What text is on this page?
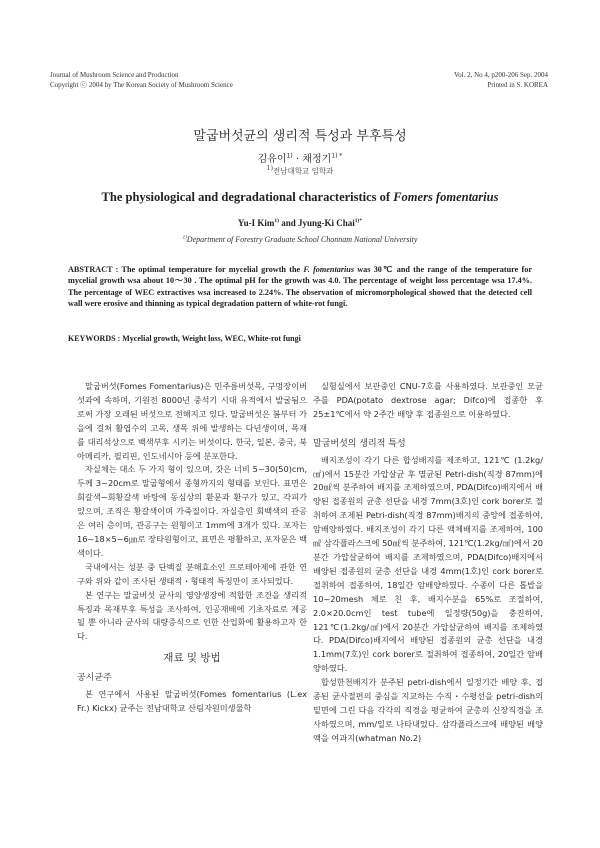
Journal of Mushroom Science and Production
Copyright ⓒ 2004 by The Korean Society of Mushroom Science
Vol. 2, No 4, p200-206 Sep. 2004
Printed in S. KOREA
말굽버섯균의 생리적 특성과 부후특성
김유이$^{1)}$ · 채정기$^{1) *}$
$^{1)}$전남대학교 임학과
The physiological and degradational characteristics of Fomers fomentarius
Yu-I Kim$^{1)}$ and Jyung-Ki Chai$^{1)*}$
$^{1)}$Department of Forestry Graduate School Chonnam National University
ABSTRACT : The optimal temperature for mycelial growth the F. fomentarius was 30℃ and the range of the temperature for mycelial growth wsa about 10～30 . The optimal pH for the growth was 4.0. The percentage of weight loss percentage wsa 17.4%. The percentage of WEC extractives wsa increased to 2.24%. The observation of micromorphological showed that the detected cell wall were erosive and thinning as typical degradation pattern of white-rot fungi.
KEYWORDS : Mycelial growth, Weight loss, WEC, White-rot fungi

말굽버섯(Fomes Fomentarius)은 민주름버섯목, 구멍장이버섯과에 속하며, 기원전 8000년 중석기 시대 유적에서 발굴됨으로써 가장 오래된 버섯으로 전해지고 있다. 말굽버섯은 봄부터 가을에 걸쳐 활엽수의 고목, 생목 위에 발생하는 다년생이며, 목재를 대리석상으로 백색부후 시키는 버섯이다. 한국, 일본, 중국, 북아메리카, 필리핀, 인도네시아 등에 분포한다.

자실체는 대소 두 가지 형이 있으며, 갓은 너비 5~30(50)cm, 두께 3~20cm로 말굽형에서 종형까지의 형태를 보인다. 표면은 회갈색~회황갈색 바탕에 동심상의 환문과 환구가 있고, 각피가 있으며, 조직은 황갈색이며 가죽질이다. 자실층인 회백색의 관공은 여러 층이며, 관공구는 원형이고 1mm에 3개가 있다. 포자는 16~18×5~6㎛로 장타원형이고, 표면은 평활하고, 포자문은 백색이다.

국내에서는 성분 중 단백질 분해효소인 프로테아제에 관한 연구와 위와 같이 조사된 생태적・형태적 특징만이 조사되었다.

본 연구는 말굽버섯 균사의 영양생장에 적합한 조건을 생리적 특징과 목재부후 특성을 조사하여, 인공재배에 기초자료로 제공 될 뿐 아니라 균사의 대량증식으로 인한 산업화에 활용하고자 한다.

재료 및 방법
공시균주

본 연구에서 사용된 말굽버섯(Fomes fomentarius (L.ex Fr.) Kickx) 균주는 전남대학교 산림자원미생물학

실험실에서 보관중인 CNU-7호를 사용하였다. 보관중인 모균주를 PDA(potato dextrose agar; Difco)에 접종한 후 25±1℃에서 약 2주간 배양 후 접종원으로 이용하였다.

말굽버섯의 생리적 특성

배지조성이 각기 다른 합성배지를 제조하고, 121℃ (1.2kg/㎠)에서 15분간 가압살균 후 멸균된 Petri-dish(직경 87mm)에 20㎖씩 분주하여 배지를 조제하였으며, PDA(Difco)배지에서 배양된 접종원의 균총 선단을 내경 7mm(3호)인 cork borer로 절취하여 조제된 Petri-dish(직경 87mm)배지의 중앙에 접종하여, 암배양하였다. 배지조성이 각기 다른 액체배지를 조제하여, 100㎖ 삼각플라스크에 50㎖씩 분주하여, 121℃(1.2kg/㎠)에서 20분간 가압살균하여 배지를 조제하였으며, PDA(Difco)배지에서 배양된 접종원의 균총 선단을 내경 4mm(1호)인 cork borer로 절취하여 접종하여, 18일간 암배양하였다. 수종이 다른 톱밥을 10~20mesh 체로 친 후, 배지수분을 65%로 조절하여, 2.0×20.0cm인 test tube에 일정량(50g)을 충진하여, 121℃(1.2kg/㎠)에서 20분간 가압살균하여 배지를 조제하였다. PDA(Difco)배지에서 배양된 접종원의 균총 선단을 내경 1.1mm(7호)인 cork borer로 절취하여 접종하여, 20일간 암배양하였다.

합성한천배지가 분주된 petri-dish에서 일정기간 배양 후, 접종된 균사절편의 중심을 지교하는 수직・수평선을 petri-dish의 밑면에 그린 다음 각각의 직경을 평균하여 균총의 신장직경을 조사하였으며, mm/일로 나타내었다. 삼각플라스크에 배양된 배양액을 여과지(whatman No.2)
